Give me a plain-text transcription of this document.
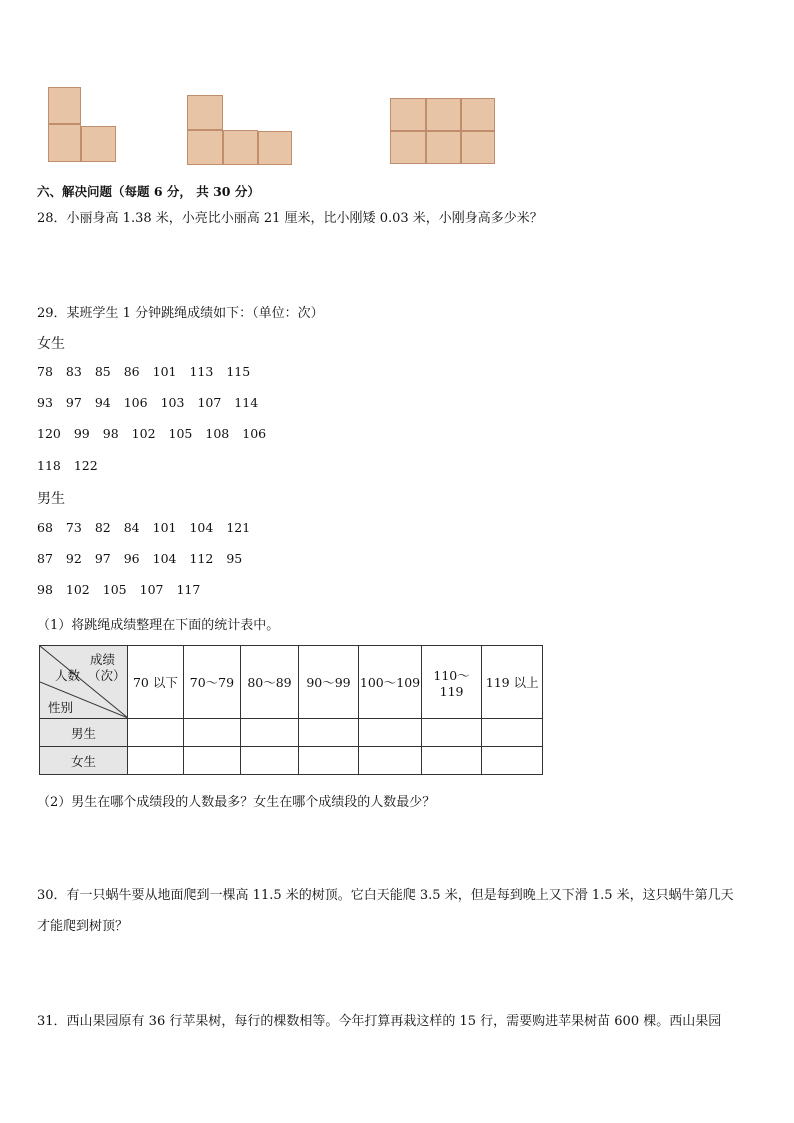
六、解决问题（每题 6 分， 共 30 分）
28．小丽身高 1.38 米，小亮比小丽高 21 厘米，比小刚矮 0.03 米，小刚身高多少米？
29．某班学生 1 分钟跳绳成绩如下：（单位：次）
女生
78 83 85 86 101 113 115
93 97 94 106 103 107 114
120 99 98 102 105 108 106
118 122
男生
68 73 82 84 101 104 121
87 92 97 96 104 112 95
98 102 105 107 117
（1）将跳绳成绩整理在下面的统计表中。
成绩
（次）
人数
性别	70 以下	70～79	80～89	90～99	100～109	110～119	119 以上
男生							
女生							
（2）男生在哪个成绩段的人数最多？女生在哪个成绩段的人数最少？
30．有一只蜗牛要从地面爬到一棵高 11.5 米的树顶。它白天能爬 3.5 米，但是每到晚上又下滑 1.5 米，这只蜗牛第几天
才能爬到树顶？
31．西山果园原有 36 行苹果树，每行的棵数相等。今年打算再栽这样的 15 行，需要购进苹果树苗 600 棵。西山果园
